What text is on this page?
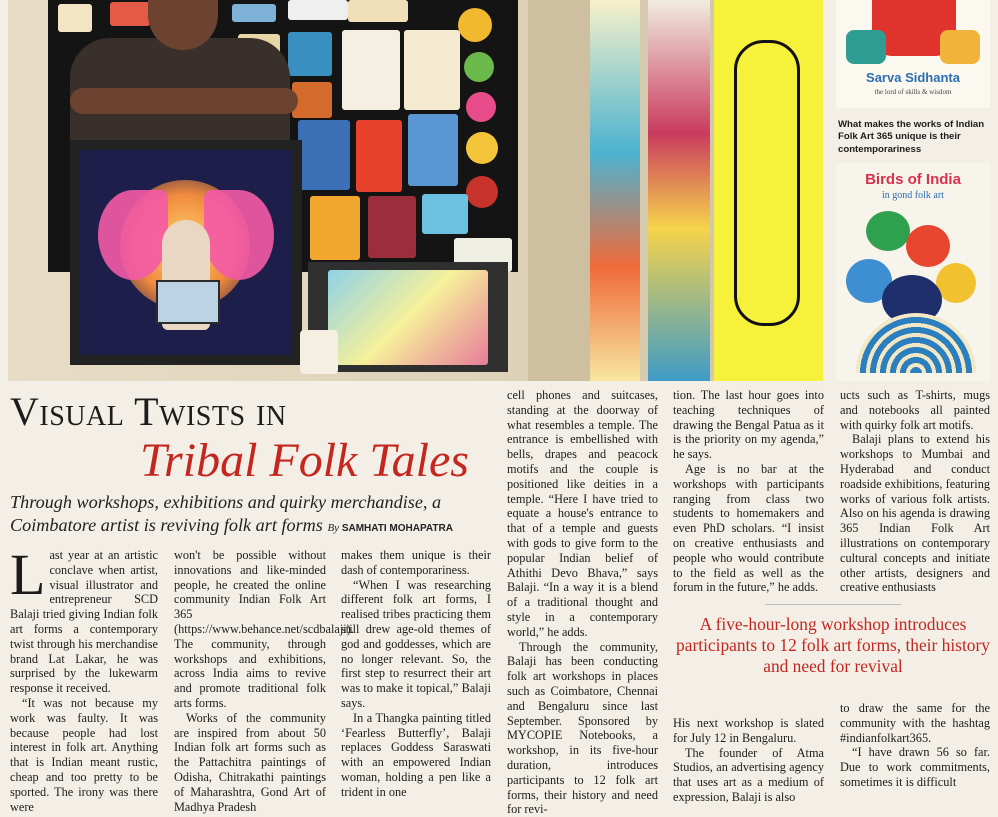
Sarva Sidhanta
the lord of skills & wisdom
What makes the works of Indian Folk Art 365 unique is their contemporariness
Birds of India
in gond folk art
Visual Twists in
Tribal Folk Tales
Through workshops, exhibitions and quirky merchandise, a Coimbatore artist is reviving folk art forms By SAMHATI MOHAPATRA

Last year at an artistic conclave when artist, visual illustrator and entrepreneur SCD Balaji tried giving Indian folk art forms a contemporary twist through his merchandise brand Lat Lakar, he was surprised by the lukewarm response it received.

“It was not because my work was faulty. It was because people had lost interest in folk art. Anything that is Indian meant rustic, cheap and too pretty to be sported. The irony was there were

won't be possible without innovations and like-minded people, he created the online community Indian Folk Art 365 (https://www.behance.net/scdbalaji). The community, through workshops and exhibitions, across India aims to revive and promote traditional folk arts forms.

Works of the community are inspired from about 50 Indian folk art forms such as the Pattachitra paintings of Odisha, Chitrakathi paintings of Maharashtra, Gond Art of Madhya Pradesh

makes them unique is their dash of contemporariness.

“When I was researching different folk art forms, I realised tribes practicing them still drew age-old themes of god and goddesses, which are no longer relevant. So, the first step to resurrect their art was to make it topical,” Balaji says.

In a Thangka painting titled ‘Fearless Butterfly’, Balaji replaces Goddess Saraswati with an empowered Indian woman, holding a pen like a trident in one

cell phones and suitcases, standing at the doorway of what resembles a temple. The entrance is embellished with bells, drapes and peacock motifs and the couple is positioned like deities in a temple. “Here I have tried to equate a house's entrance to that of a temple and guests with gods to give form to the popular Indian belief of Athithi Devo Bhava,” says Balaji. “In a way it is a blend of a traditional thought and style in a contemporary world,” he adds.

Through the community, Balaji has been conducting folk art workshops in places such as Coimbatore, Chennai and Bengaluru since last September. Sponsored by MYCOPIE Notebooks, a workshop, in its five-hour duration, introduces participants to 12 folk art forms, their history and need for revi-

tion. The last hour goes into teaching techniques of drawing the Bengal Patua as it is the priority on my agenda,” he says.

Age is no bar at the workshops with participants ranging from class two students to homemakers and even PhD scholars. “I insist on creative enthusiasts and people who would contribute to the field as well as the forum in the future,” he adds.

His next workshop is slated for July 12 in Bengaluru.

The founder of Atma Studios, an advertising agency that uses art as a medium of expression, Balaji is also

ucts such as T-shirts, mugs and notebooks all painted with quirky folk art motifs.

Balaji plans to extend his workshops to Mumbai and Hyderabad and conduct roadside exhibitions, featuring works of various folk artists. Also on his agenda is drawing 365 Indian Folk Art illustrations on contemporary cultural concepts and initiate other artists, designers and creative enthusiasts

to draw the same for the community with the hashtag #indianfolkart365.

“I have drawn 56 so far. Due to work commitments, sometimes it is difficult

A five-hour-long workshop introduces participants to 12 folk art forms, their history and need for revival
